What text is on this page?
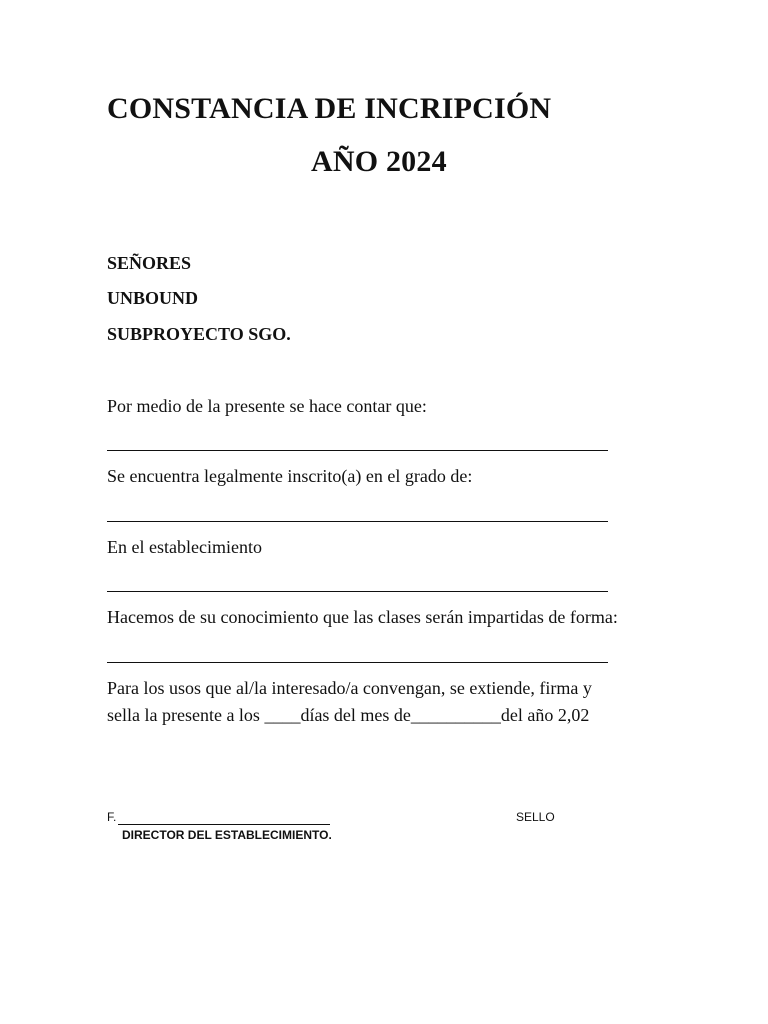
CONSTANCIA DE INCRIPCIÓN
AÑO 2024
SEÑORES
UNBOUND
SUBPROYECTO SGO.
Por medio de la presente se hace contar que:
Se encuentra legalmente inscrito(a) en el grado de:
En el establecimiento
Hacemos de su conocimiento que las clases serán impartidas de forma:
Para los usos que al/la interesado/a convengan, se extiende, firma y
sella la presente a los ____días del mes de__________del año 2,02
F.	SELLO
DIRECTOR DEL ESTABLECIMIENTO.
